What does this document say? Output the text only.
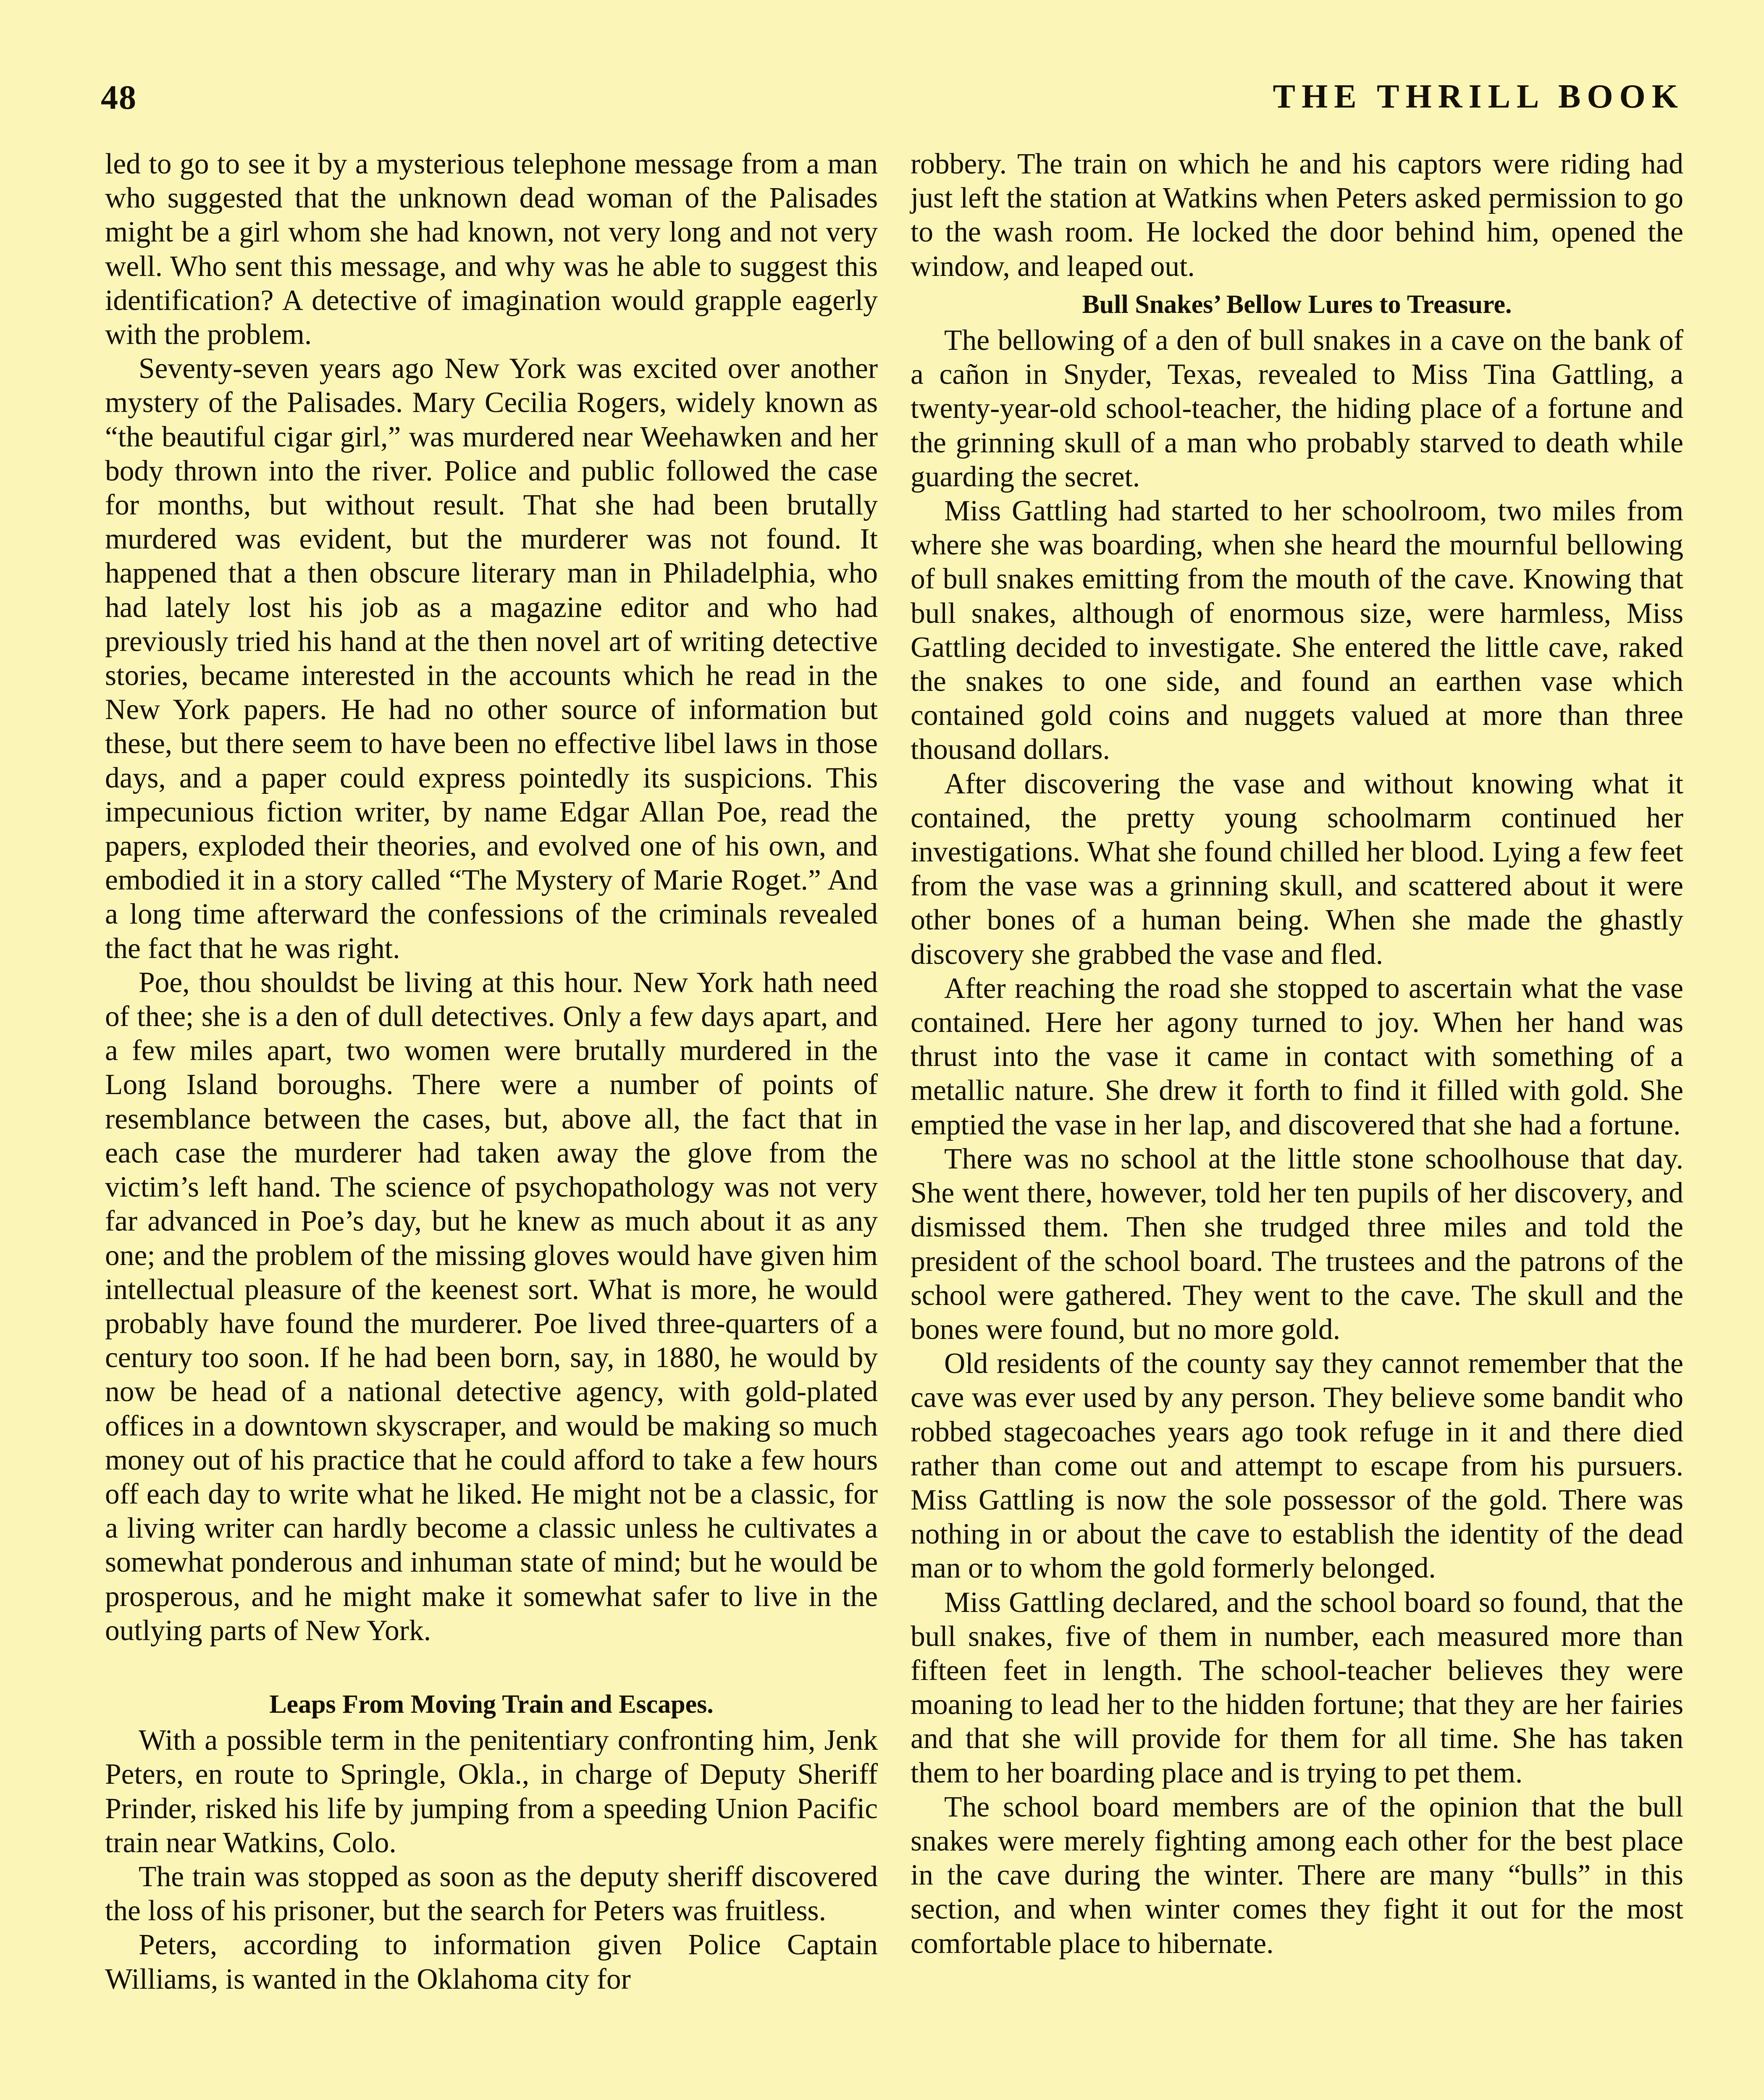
48	THE THRILL BOOK

led to go to see it by a mysterious telephone message from a man who suggested that the unknown dead woman of the Palisades might be a girl whom she had known, not very long and not very well. Who sent this message, and why was he able to suggest this identification? A detective of imagination would grapple eagerly with the problem.

Seventy-seven years ago New York was excited over another mystery of the Palisades. Mary Cecilia Rogers, widely known as “the beautiful cigar girl,” was murdered near Weehawken and her body thrown into the river. Police and public followed the case for months, but without result. That she had been brutally murdered was evident, but the murderer was not found. It happened that a then obscure literary man in Philadelphia, who had lately lost his job as a magazine editor and who had previously tried his hand at the then novel art of writing detective stories, became interested in the accounts which he read in the New York papers. He had no other source of information but these, but there seem to have been no effective libel laws in those days, and a paper could express pointedly its suspicions. This impecunious fiction writer, by name Edgar Allan Poe, read the papers, exploded their theories, and evolved one of his own, and embodied it in a story called “The Mystery of Marie Roget.” And a long time afterward the confessions of the criminals revealed the fact that he was right.

Poe, thou shouldst be living at this hour. New York hath need of thee; she is a den of dull detectives. Only a few days apart, and a few miles apart, two women were brutally murdered in the Long Island boroughs. There were a number of points of resemblance between the cases, but, above all, the fact that in each case the murderer had taken away the glove from the victim’s left hand. The science of psychopathology was not very far advanced in Poe’s day, but he knew as much about it as any one; and the problem of the missing gloves would have given him intellectual pleasure of the keenest sort. What is more, he would probably have found the murderer. Poe lived three-quarters of a century too soon. If he had been born, say, in 1880, he would by now be head of a national detective agency, with gold-plated offices in a downtown skyscraper, and would be making so much money out of his practice that he could afford to take a few hours off each day to write what he liked. He might not be a classic, for a living writer can hardly become a classic unless he cultivates a somewhat ponderous and inhuman state of mind; but he would be prosperous, and he might make it somewhat safer to live in the outlying parts of New York.

Leaps From Moving Train and Escapes.

With a possible term in the penitentiary confronting him, Jenk Peters, en route to Springle, Okla., in charge of Deputy Sheriff Prinder, risked his life by jumping from a speeding Union Pacific train near Watkins, Colo.

The train was stopped as soon as the deputy sheriff discovered the loss of his prisoner, but the search for Peters was fruitless.

Peters, according to information given Police Captain Williams, is wanted in the Oklahoma city for

robbery. The train on which he and his captors were riding had just left the station at Watkins when Peters asked permission to go to the wash room. He locked the door behind him, opened the window, and leaped out.

Bull Snakes’ Bellow Lures to Treasure.

The bellowing of a den of bull snakes in a cave on the bank of a cañon in Snyder, Texas, revealed to Miss Tina Gattling, a twenty-year-old school-teacher, the hiding place of a fortune and the grinning skull of a man who probably starved to death while guarding the secret.

Miss Gattling had started to her schoolroom, two miles from where she was boarding, when she heard the mournful bellowing of bull snakes emitting from the mouth of the cave. Knowing that bull snakes, although of enormous size, were harmless, Miss Gattling decided to investigate. She entered the little cave, raked the snakes to one side, and found an earthen vase which contained gold coins and nuggets valued at more than three thousand dollars.

After discovering the vase and without knowing what it contained, the pretty young schoolmarm continued her investigations. What she found chilled her blood. Lying a few feet from the vase was a grinning skull, and scattered about it were other bones of a human being. When she made the ghastly discovery she grabbed the vase and fled.

After reaching the road she stopped to ascertain what the vase contained. Here her agony turned to joy. When her hand was thrust into the vase it came in contact with something of a metallic nature. She drew it forth to find it filled with gold. She emptied the vase in her lap, and discovered that she had a fortune.

There was no school at the little stone schoolhouse that day. She went there, however, told her ten pupils of her discovery, and dismissed them. Then she trudged three miles and told the president of the school board. The trustees and the patrons of the school were gathered. They went to the cave. The skull and the bones were found, but no more gold.

Old residents of the county say they cannot remember that the cave was ever used by any person. They believe some bandit who robbed stagecoaches years ago took refuge in it and there died rather than come out and attempt to escape from his pursuers. Miss Gattling is now the sole possessor of the gold. There was nothing in or about the cave to establish the identity of the dead man or to whom the gold formerly belonged.

Miss Gattling declared, and the school board so found, that the bull snakes, five of them in number, each measured more than fifteen feet in length. The school-teacher believes they were moaning to lead her to the hidden fortune; that they are her fairies and that she will provide for them for all time. She has taken them to her boarding place and is trying to pet them.

The school board members are of the opinion that the bull snakes were merely fighting among each other for the best place in the cave during the winter. There are many “bulls” in this section, and when winter comes they fight it out for the most comfortable place to hibernate.
